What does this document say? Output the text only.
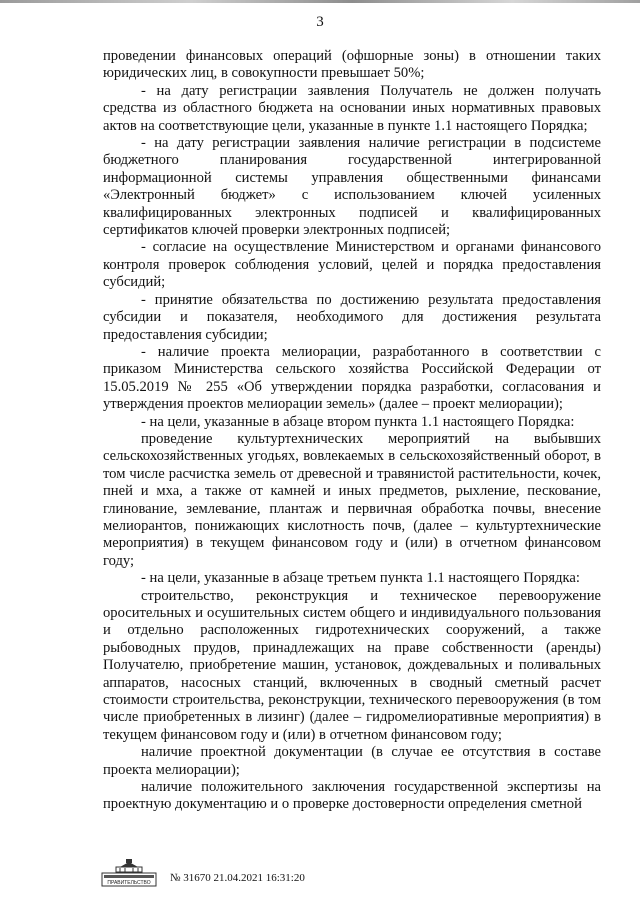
3

проведении финансовых операций (офшорные зоны) в отношении таких юридических лиц, в совокупности превышает 50%;

- на дату регистрации заявления Получатель не должен получать средства из областного бюджета на основании иных нормативных правовых актов на соответствующие цели, указанные в пункте 1.1 настоящего Порядка;

- на дату регистрации заявления наличие регистрации в подсистеме бюджетного планирования государственной интегрированной информационной системы управления общественными финансами «Электронный бюджет» с использованием ключей усиленных квалифицированных электронных подписей и квалифицированных сертификатов ключей проверки электронных подписей;

- согласие на осуществление Министерством и органами финансового контроля проверок соблюдения условий, целей и порядка предоставления субсидий;

- принятие обязательства по достижению результата предоставления субсидии и показателя, необходимого для достижения результата предоставления субсидии;

- наличие проекта мелиорации, разработанного в соответствии с приказом Министерства сельского хозяйства Российской Федерации от 15.05.2019 № 255 «Об утверждении порядка разработки, согласования и утверждения проектов мелиорации земель» (далее – проект мелиорации);

- на цели, указанные в абзаце втором пункта 1.1 настоящего Порядка:

проведение культуртехнических мероприятий на выбывших сельскохозяйственных угодьях, вовлекаемых в сельскохозяйственный оборот, в том числе расчистка земель от древесной и травянистой растительности, кочек, пней и мха, а также от камней и иных предметов, рыхление, пескование, глинование, землевание, плантаж и первичная обработка почвы, внесение мелиорантов, понижающих кислотность почв, (далее – культуртехнические мероприятия) в текущем финансовом году и (или) в отчетном финансовом году;

- на цели, указанные в абзаце третьем пункта 1.1 настоящего Порядка:

строительство, реконструкция и техническое перевооружение оросительных и осушительных систем общего и индивидуального пользования и отдельно расположенных гидротехнических сооружений, а также рыбоводных прудов, принадлежащих на праве собственности (аренды) Получателю, приобретение машин, установок, дождевальных и поливальных аппаратов, насосных станций, включенных в сводный сметный расчет стоимости строительства, реконструкции, технического перевооружения (в том числе приобретенных в лизинг) (далее – гидромелиоративные мероприятия) в текущем финансовом году и (или) в отчетном финансовом году;

наличие проектной документации (в случае ее отсутствия в составе проекта мелиорации);

наличие положительного заключения государственной экспертизы на проектную документацию и о проверке достоверности определения сметной

ПРАВИТЕЛЬСТВО № 31670 21.04.2021 16:31:20
